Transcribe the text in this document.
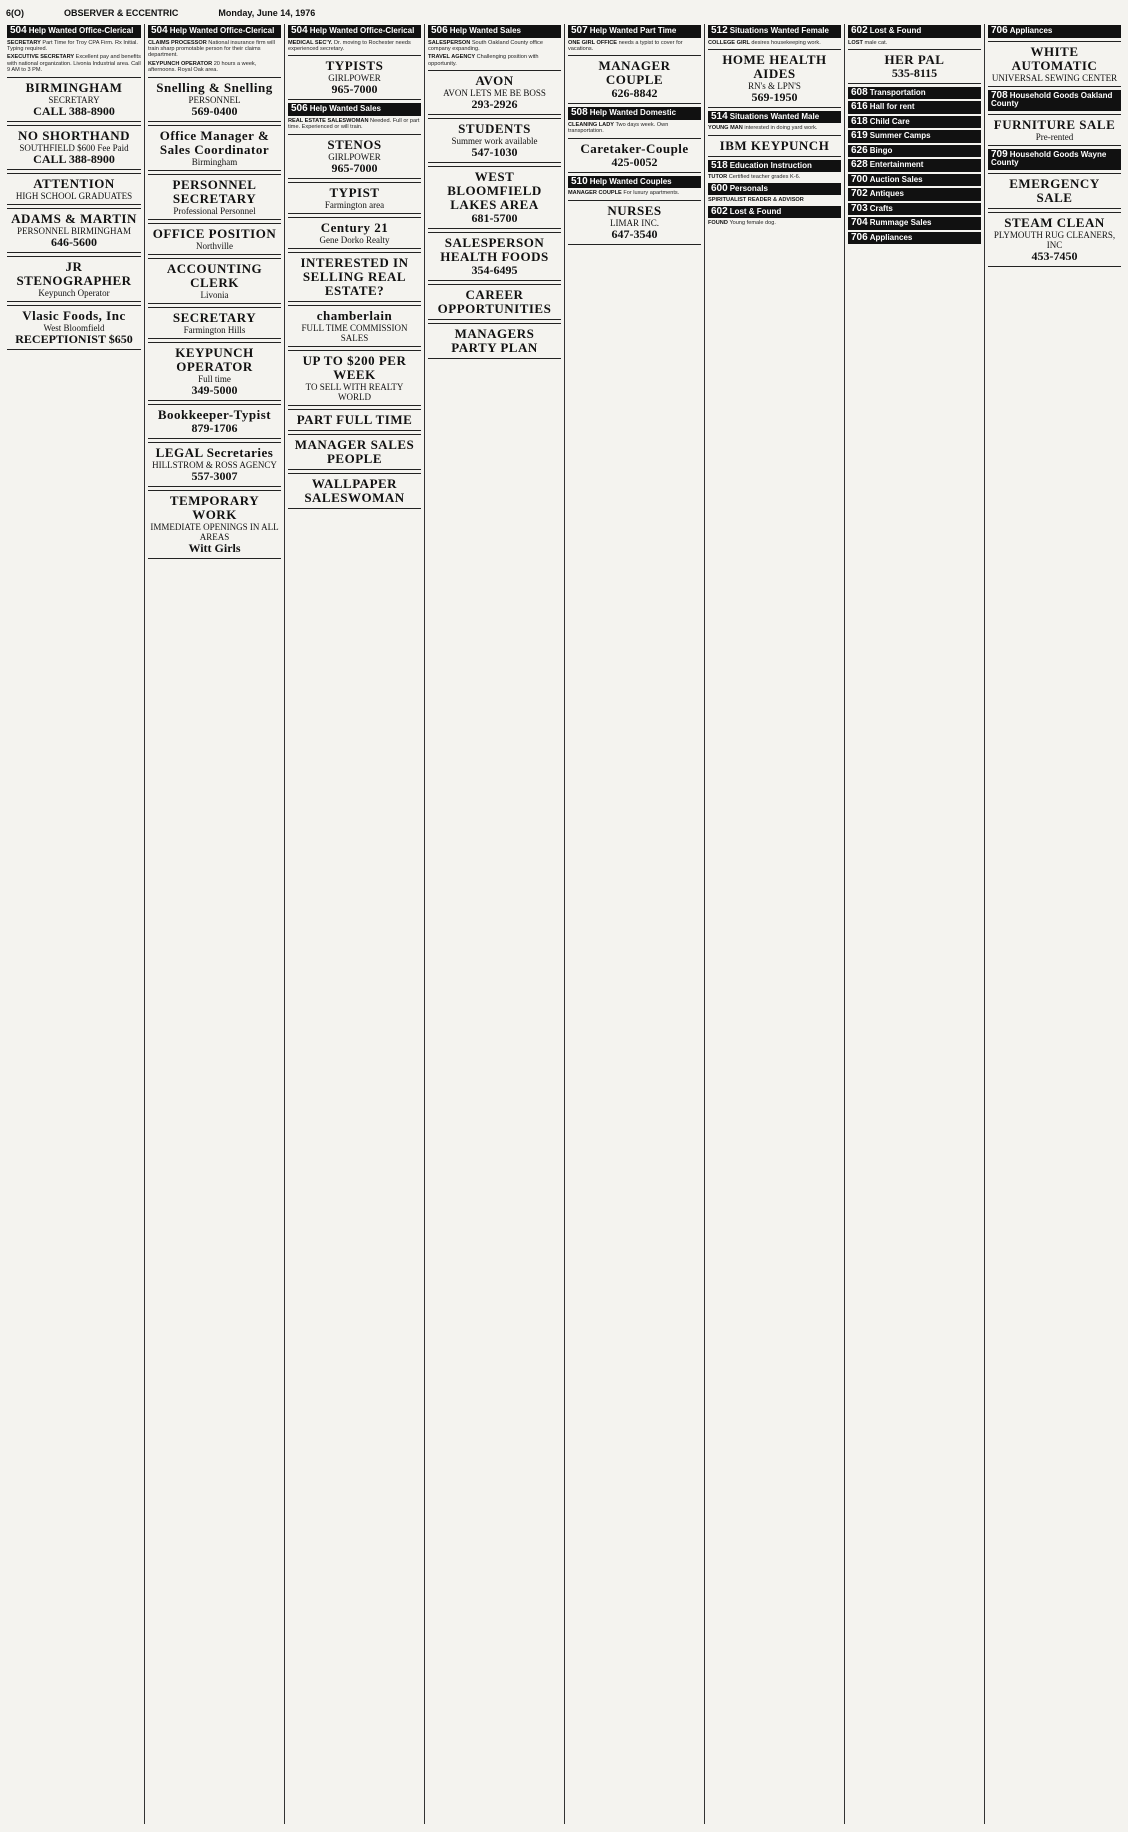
6(O)	OBSERVER & ECCENTRIC	Monday, June 14, 1976
504 Help Wanted Office-Clerical
SECRETARY Part Time for Troy CPA Firm. Rx Initial. Typing required.
EXECUTIVE SECRETARY Excellent pay and benefits with national organization. Livonia Industrial area. Call 9 AM to 3 PM.
BIRMINGHAM
SECRETARY
CALL 388-8900
NO SHORTHAND
SOUTHFIELD $600 Fee Paid
CALL 388-8900
ATTENTION
HIGH SCHOOL GRADUATES
ADAMS & MARTIN
PERSONNEL BIRMINGHAM
646-5600
JR STENOGRAPHER
Keypunch Operator
Vlasic Foods, Inc
West Bloomfield
RECEPTIONIST $650
504 Help Wanted Office-Clerical
CLAIMS PROCESSOR National insurance firm will train sharp promotable person for their claims department.
KEYPUNCH OPERATOR 20 hours a week, afternoons. Royal Oak area.
Snelling & Snelling
PERSONNEL
569-0400
Office Manager & Sales Coordinator
Birmingham
PERSONNEL SECRETARY
Professional Personnel
OFFICE POSITION
Northville
ACCOUNTING CLERK
Livonia
SECRETARY
Farmington Hills
KEYPUNCH OPERATOR
Full time
349-5000
Bookkeeper-Typist
879-1706
LEGAL Secretaries
HILLSTROM & ROSS AGENCY
557-3007
TEMPORARY WORK
IMMEDIATE OPENINGS IN ALL AREAS
Witt Girls
504 Help Wanted Office-Clerical
MEDICAL SEC'Y. Dr. moving to Rochester needs experienced secretary.
TYPISTS
GIRLPOWER
965-7000
506 Help Wanted Sales
REAL ESTATE SALESWOMAN Needed. Full or part time. Experienced or will train.
STENOS
GIRLPOWER
965-7000
TYPIST
Farmington area
Century 21
Gene Dorko Realty
INTERESTED IN SELLING REAL ESTATE?
chamberlain
FULL TIME COMMISSION SALES
UP TO $200 PER WEEK
TO SELL WITH REALTY WORLD
PART FULL TIME
MANAGER SALES PEOPLE
WALLPAPER SALESWOMAN
506 Help Wanted Sales
SALESPERSON South Oakland County office company expanding.
TRAVEL AGENCY Challenging position with opportunity.
AVON
AVON LETS ME BE BOSS
293-2926
STUDENTS
Summer work available
547-1030
WEST BLOOMFIELD LAKES AREA
681-5700
SALESPERSON HEALTH FOODS
354-6495
CAREER OPPORTUNITIES
MANAGERS PARTY PLAN
507 Help Wanted Part Time
ONE GIRL OFFICE needs a typist to cover for vacations.
MANAGER COUPLE
626-8842
508 Help Wanted Domestic
CLEANING LADY Two days week. Own transportation.
Caretaker-Couple
425-0052
510 Help Wanted Couples
MANAGER COUPLE For luxury apartments.
NURSES
LIMAR INC.
647-3540
512 Situations Wanted Female
COLLEGE GIRL desires housekeeping work.
HOME HEALTH AIDES
RN's & LPN'S
569-1950
514 Situations Wanted Male
YOUNG MAN interested in doing yard work.
IBM KEYPUNCH
518 Education Instruction
TUTOR Certified teacher grades K-6.
600 Personals
SPIRITUALIST READER & ADVISOR
602 Lost & Found
FOUND Young female dog.
602 Lost & Found
LOST male cat.
HER PAL
535-8115
608 Transportation
616 Hall for rent
618 Child Care
619 Summer Camps
626 Bingo
628 Entertainment
700 Auction Sales
702 Antiques
703 Crafts
704 Rummage Sales
706 Appliances
706 Appliances
WHITE AUTOMATIC
UNIVERSAL SEWING CENTER
708 Household Goods Oakland County
FURNITURE SALE
Pre-rented
709 Household Goods Wayne County
EMERGENCY SALE
STEAM CLEAN
PLYMOUTH RUG CLEANERS, INC
453-7450
